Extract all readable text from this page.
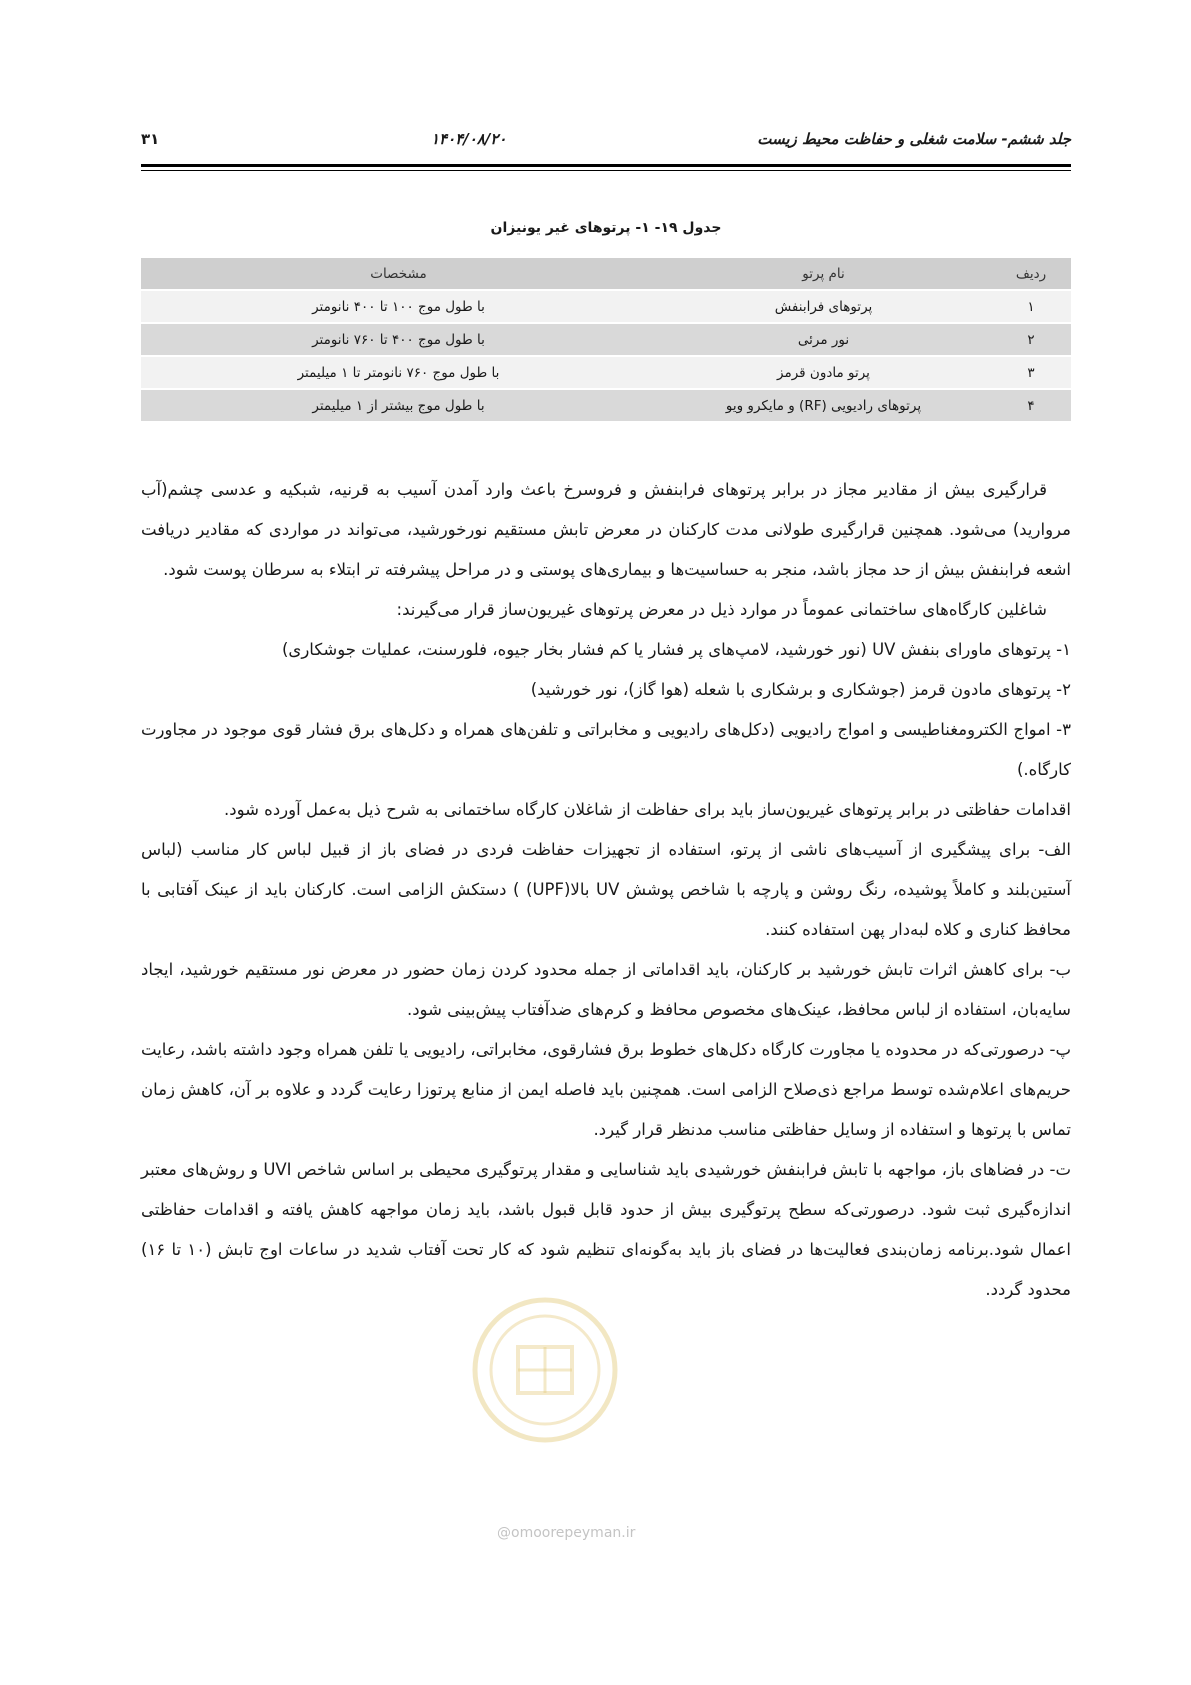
جلد ششم- سلامت شغلی و حفاظت محیط زیست
۱۴۰۴/۰۸/۲۰
۳۱
جدول ۱۹- ۱- پرتوهای غیر یونیزان
ردیف	نام پرتو	مشخصات
۱	پرتوهای فرابنفش	با طول موج ۱۰۰ تا ۴۰۰ نانومتر
۲	نور مرئی	با طول موج ۴۰۰ تا ۷۶۰ نانومتر
۳	پرتو مادون قرمز	با طول موج ۷۶۰ نانومتر تا ۱ میلیمتر
۴	پرتوهای رادیویی (RF) و مایکرو ویو	با طول موج بیشتر از ۱ میلیمتر

قرارگیری بیش از مقادیر مجاز در برابر پرتوهای فرابنفش و فروسرخ باعث وارد آمدن آسیب به قرنیه، شبکیه و عدسی چشم(آب مروارید) می‌شود. همچنین قرارگیری طولانی مدت کارکنان در معرض تابش مستقیم نورخورشید، می‌تواند در مواردی که مقادیر دریافت اشعه فرابنفش بیش از حد مجاز باشد، منجر به حساسیت‌ها و بیماری‌های پوستی و در مراحل پیشرفته تر ابتلاء به سرطان پوست شود.

شاغلین کارگاه‌های ساختمانی عموماً در موارد ذیل در معرض پرتوهای غیریون‌ساز قرار می‌گیرند:

۱- پرتوهای ماورای بنفش UV (نور خورشید، لامپ‌های پر فشار یا کم فشار بخار جیوه، فلورسنت، عملیات جوشکاری)

۲- پرتوهای مادون قرمز (جوشکاری و برشکاری با شعله (هوا گاز)، نور خورشید)

۳- امواج الکترومغناطیسی و امواج رادیویی (دکل‌های رادیویی و مخابراتی و تلفن‌های همراه و دکل‌های برق فشار قوی موجود در مجاورت کارگاه.)

اقدامات حفاظتی در برابر پرتوهای غیریون‌ساز باید برای حفاظت از شاغلان کارگاه ساختمانی به شرح ذیل به‌عمل آورده شود.

الف- برای پیشگیری از آسیب‌های ناشی از پرتو، استفاده از تجهیزات حفاظت فردی در فضای باز از قبیل لباس کار مناسب (لباس آستین‌بلند و کاملاً پوشیده، رنگ روشن و پارچه با شاخص پوشش UV بالا(UPF) ) دستکش الزامی است. کارکنان باید از عینک آفتابی با محافظ کناری و کلاه لبه‌دار پهن استفاده کنند.

ب- برای کاهش اثرات تابش خورشید بر کارکنان، باید اقداماتی از جمله محدود کردن زمان حضور در معرض نور مستقیم خورشید، ایجاد سایه‌بان، استفاده از لباس محافظ، عینک‌های مخصوص محافظ و کرم‌های ضدآفتاب پیش‌بینی شود.

پ- درصورتی‌که در محدوده یا مجاورت کارگاه دکل‌های خطوط برق فشارقوی، مخابراتی، رادیویی یا تلفن همراه وجود داشته باشد، رعایت حریم‌های اعلام‌شده توسط مراجع ذی‌صلاح الزامی است. همچنین باید فاصله ایمن از منابع پرتوزا رعایت گردد و علاوه بر آن، کاهش زمان تماس با پرتوها و استفاده از وسایل حفاظتی مناسب مدنظر قرار گیرد.

ت- در فضاهای باز، مواجهه با تابش فرابنفش خورشیدی باید شناسایی و مقدار پرتوگیری محیطی بر اساس شاخص UVI و روش‌های معتبر اندازه‌گیری ثبت شود. درصورتی‌که سطح پرتوگیری بیش از حدود قابل قبول باشد، باید زمان مواجهه کاهش یافته و اقدامات حفاظتی اعمال شود.برنامه زمان‌بندی فعالیت‌ها در فضای باز باید به‌گونه‌ای تنظیم شود که کار تحت آفتاب شدید در ساعات اوج تابش (۱۰ تا ۱۶) محدود گردد.

@omoorepeyman.ir
